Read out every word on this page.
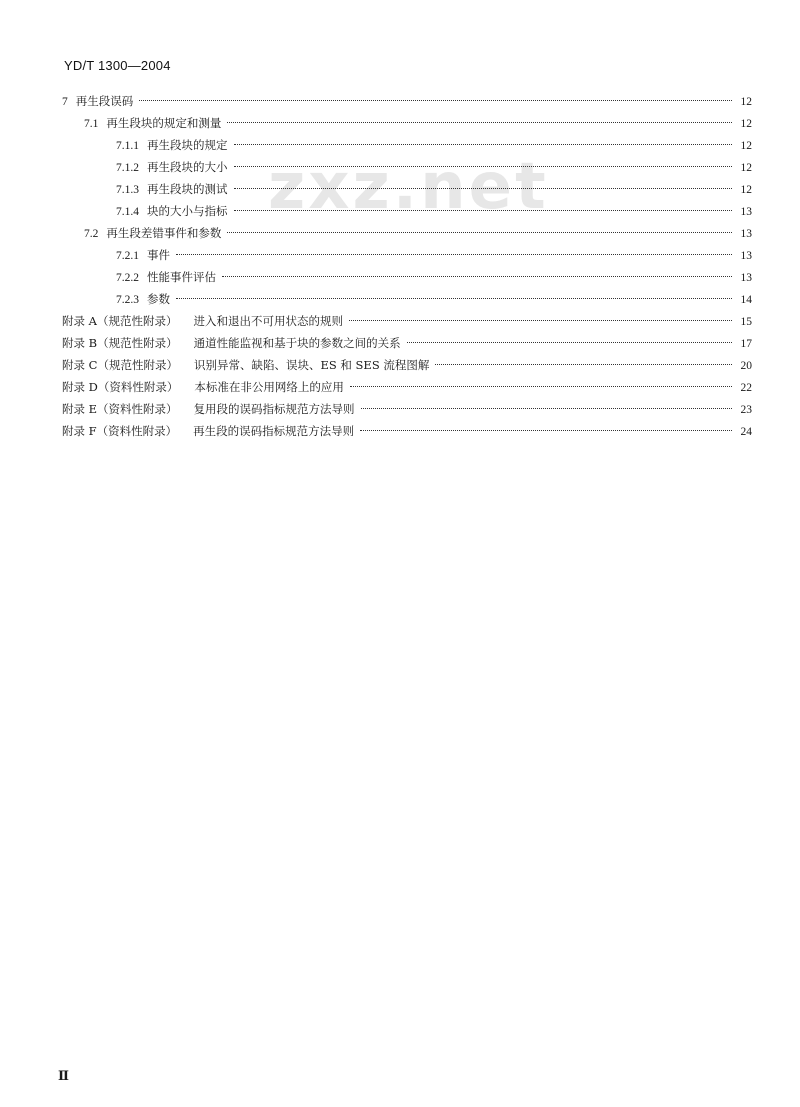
YD/T 1300—2004
zxz.net
7 再生段误码	12
7.1 再生段块的规定和测量	12
7.1.1 再生段块的规定	12
7.1.2 再生段块的大小	12
7.1.3 再生段块的测试	12
7.1.4 块的大小与指标	13
7.2 再生段差错事件和参数	13
7.2.1 事件	13
7.2.2 性能事件评估	13
7.2.3 参数	14
附录 A（规范性附录） 进入和退出不可用状态的规则	15
附录 B（规范性附录） 通道性能监视和基于块的参数之间的关系	17
附录 C（规范性附录） 识别异常、缺陷、误块、ES 和 SES 流程图解	20
附录 D（资料性附录） 本标准在非公用网络上的应用	22
附录 E（资料性附录） 复用段的误码指标规范方法导则	23
附录 F（资料性附录） 再生段的误码指标规范方法导则	24
Ⅱ
